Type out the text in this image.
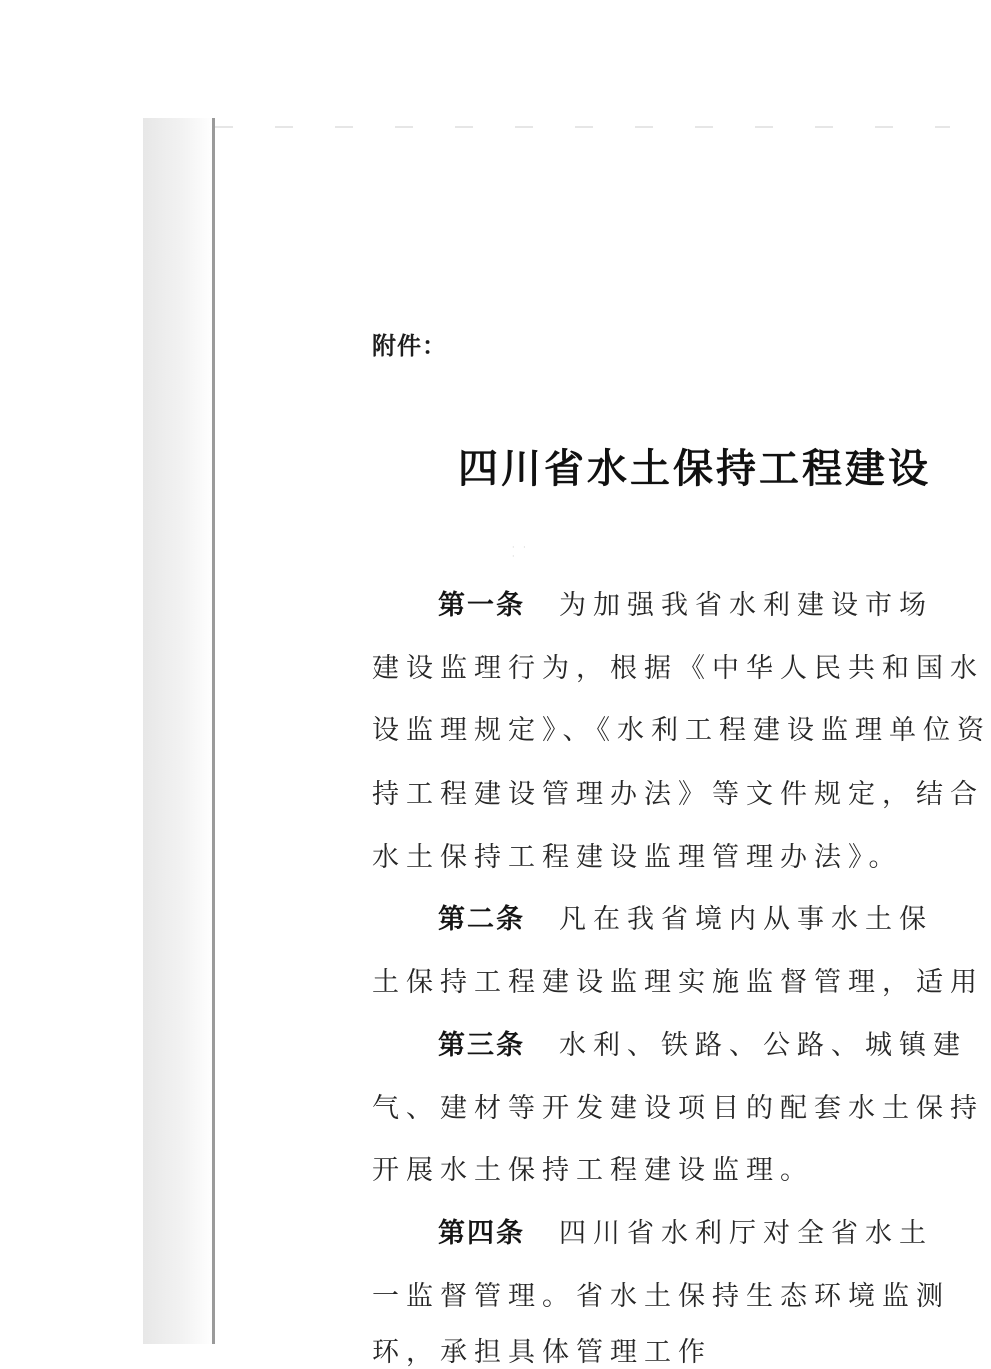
· · ·
附件：
四川省水土保持工程建设
第一条 为加强我省水利建设市场
建设监理行为，根据《中华人民共和国水
设监理规定》、《水利工程建设监理单位资
持工程建设管理办法》等文件规定，结合
水土保持工程建设监理管理办法》。
第二条 凡在我省境内从事水土保
土保持工程建设监理实施监督管理，适用
第三条 水利、铁路、公路、城镇建
气、建材等开发建设项目的配套水土保持
开展水土保持工程建设监理。
第四条 四川省水利厅对全省水土
一监督管理。省水土保持生态环境监测
环，承担具体管理工作
